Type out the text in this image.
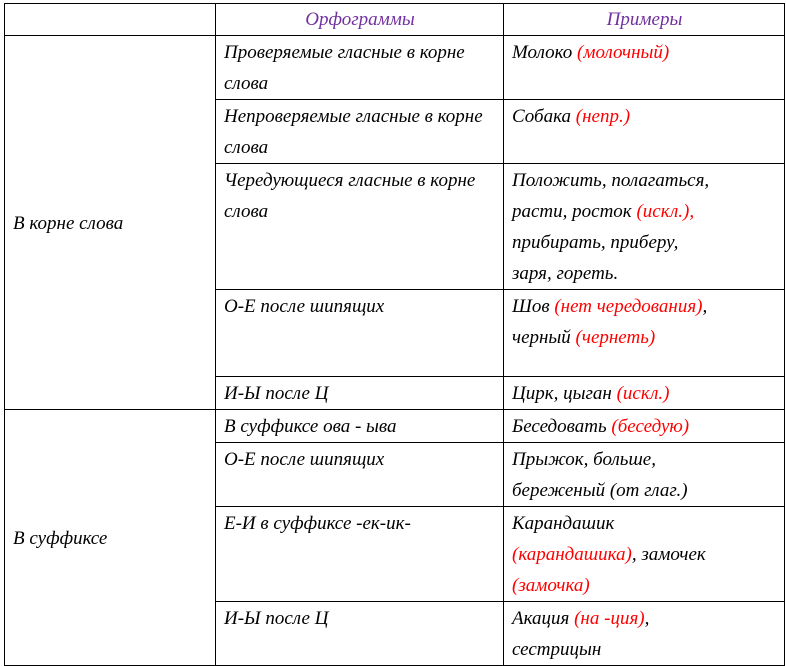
	Орфограммы	Примеры
В корне слова	Проверяемые гласные в корне слова	Молоко (молочный)
	Непроверяемые гласные в корне слова	Собака (непр.)
	Чередующиеся гласные в корне слова	Положить, полагаться,
расти, росток (искл.),
прибирать, приберу,
заря, гореть.

	О-Е после шипящих	Шов (нет чередования),
черный (чернеть)

	И-Ы после Ц	Цирк, цыган (искл.)
В суффиксе	В суффиксе ова - ыва	Беседовать (беседую)
	О-Е после шипящих	Прыжок, больше,
береженый (от глаг.)

	Е-И в суффиксе -ек-ик-	Карандашик
(карандашика), замочек
(замочка)

	И-Ы после Ц	Акация (на -ция),
сестрицын
